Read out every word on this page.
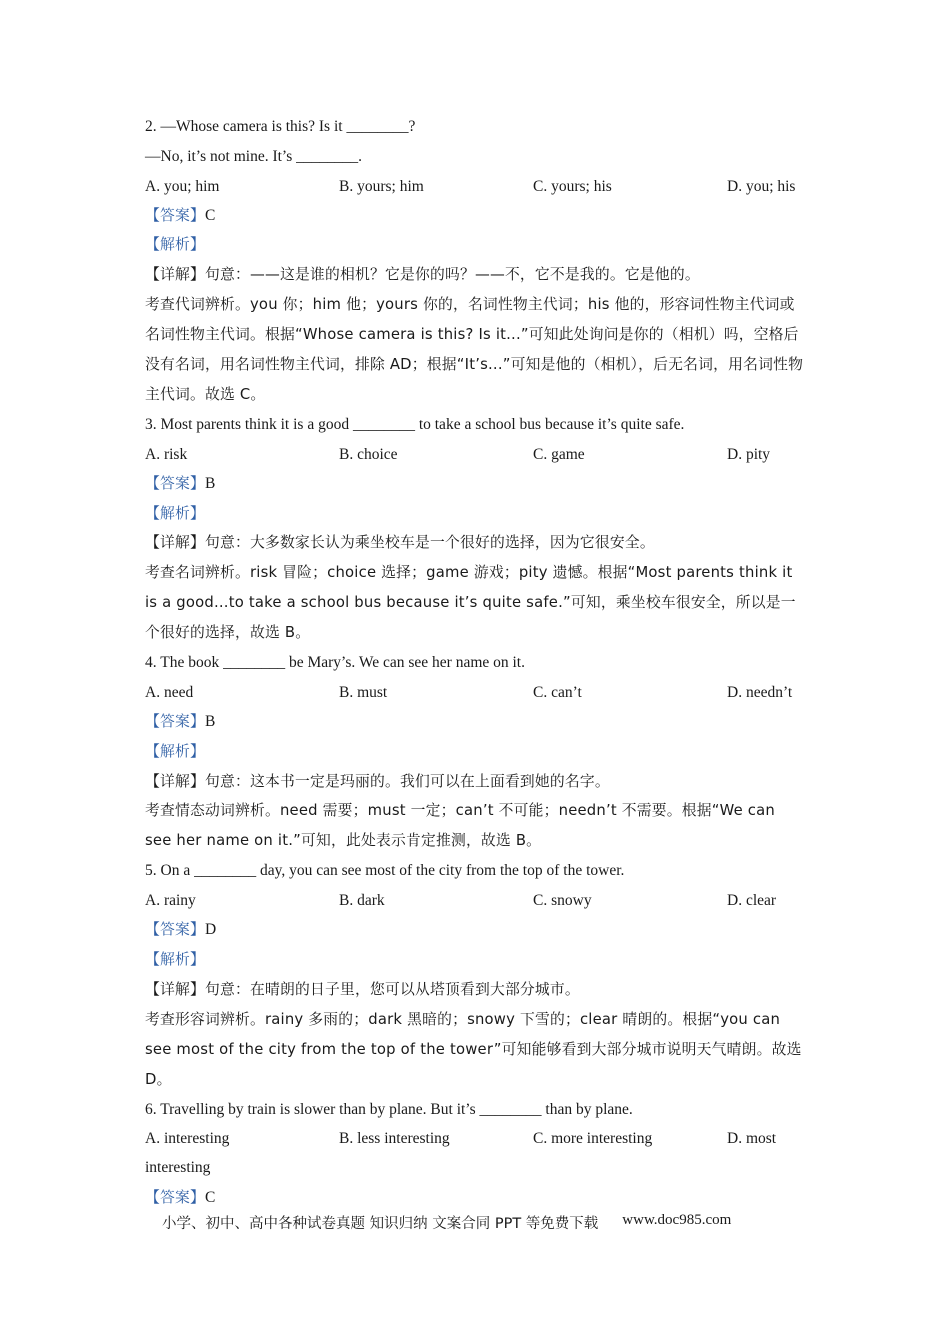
2. —Whose camera is this? Is it ________?
—No, it’s not mine. It’s ________.
A. you; him	B. yours; him	C. yours; his	D. you; his
【答案】C
【解析】
【详解】句意：——这是谁的相机？它是你的吗？——不，它不是我的。它是他的。
考查代词辨析。you 你；him 他；yours 你的，名词性物主代词；his 他的，形容词性物主代词或名词性物主代词。根据“Whose camera is this? Is it...”可知此处询问是你的（相机）吗，空格后没有名词，用名词性物主代词，排除 AD；根据“It’s...”可知是他的（相机），后无名词，用名词性物主代词。故选 C。
3. Most parents think it is a good ________ to take a school bus because it’s quite safe.
A. risk	B. choice	C. game	D. pity
【答案】B
【解析】
【详解】句意：大多数家长认为乘坐校车是一个很好的选择，因为它很安全。
考查名词辨析。risk 冒险；choice 选择；game 游戏；pity 遗憾。根据“Most parents think it is a good...to take a school bus because it’s quite safe.”可知，乘坐校车很安全，所以是一个很好的选择，故选 B。
4. The book ________ be Mary’s. We can see her name on it.
A. need	B. must	C. can’t	D. needn’t
【答案】B
【解析】
【详解】句意：这本书一定是玛丽的。我们可以在上面看到她的名字。
考查情态动词辨析。need 需要；must 一定；can’t 不可能；needn’t 不需要。根据“We can see her name on it.”可知，此处表示肯定推测，故选 B。
5. On a ________ day, you can see most of the city from the top of the tower.
A. rainy	B. dark	C. snowy	D. clear
【答案】D
【解析】
【详解】句意：在晴朗的日子里，您可以从塔顶看到大部分城市。
考查形容词辨析。rainy 多雨的；dark 黑暗的；snowy 下雪的；clear 晴朗的。根据“you can see most of the city from the top of the tower”可知能够看到大部分城市说明天气晴朗。故选 D。
6. Travelling by train is slower than by plane. But it’s ________ than by plane.
A. interesting	B. less interesting	C. more interesting	D. most
interesting
【答案】C
小学、初中、高中各种试卷真题 知识归纳 文案合同 PPT 等免费下载 www.doc985.com
